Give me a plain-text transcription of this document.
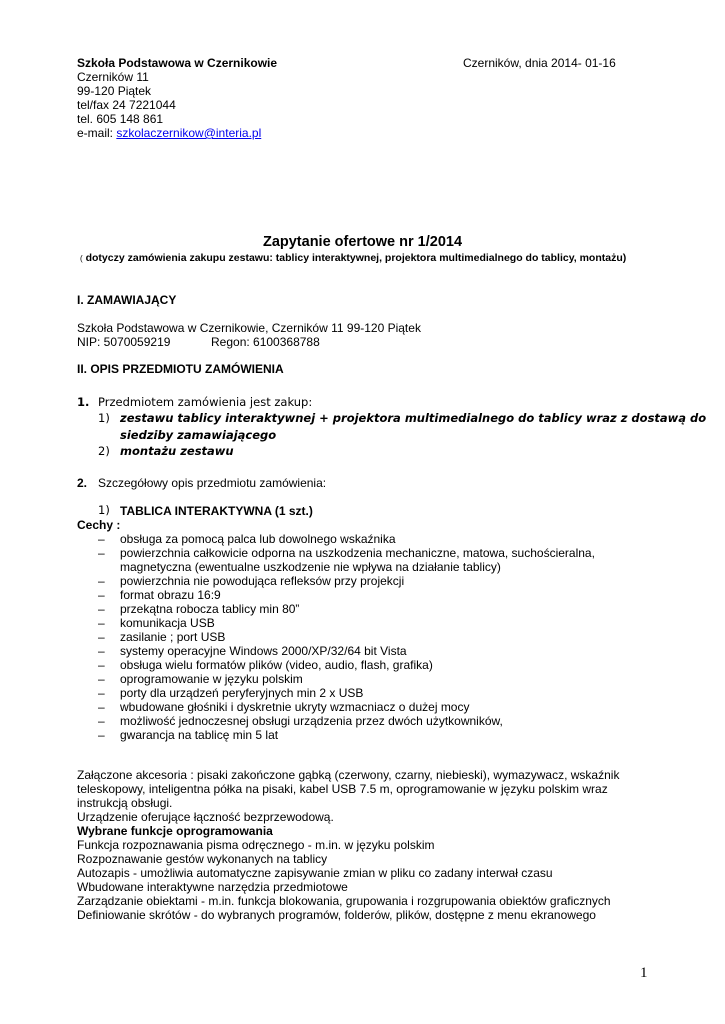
Szkoła Podstawowa w Czernikowie	Czerników, dnia 2014- 01-16
Czerników 11
99-120 Piątek
tel/fax 24 7221044
tel. 605 148 861
e-mail: szkolaczernikow@interia.pl
Zapytanie ofertowe nr 1/2014
( dotyczy zamówienia zakupu zestawu: tablicy interaktywnej, projektora multimedialnego do tablicy, montażu)
I. ZAMAWIAJĄCY
Szkoła Podstawowa w Czernikowie, Czerników 11 99-120 Piątek
NIP: 5070059219	Regon: 6100368788
II. OPIS PRZEDMIOTU ZAMÓWIENIA
1. Przedmiotem zamówienia jest zakup:
1) zestawu tablicy interaktywnej + projektora multimedialnego do tablicy wraz z dostawą do
siedziby zamawiającego
2) montażu zestawu
2. Szczegółowy opis przedmiotu zamówienia:
1) TABLICA INTERAKTYWNA (1 szt.)
Cechy :
– obsługa za pomocą palca lub dowolnego wskaźnika
– powierzchnia całkowicie odporna na uszkodzenia mechaniczne, matowa, suchościeralna,
magnetyczna (ewentualne uszkodzenie nie wpływa na działanie tablicy)
– powierzchnia nie powodująca refleksów przy projekcji
– format obrazu 16:9
– przekątna robocza tablicy min 80”
– komunikacja USB
– zasilanie ; port USB
– systemy operacyjne Windows 2000/XP/32/64 bit Vista
– obsługa wielu formatów plików (video, audio, flash, grafika)
– oprogramowanie w języku polskim
– porty dla urządzeń peryferyjnych min 2 x USB
– wbudowane głośniki i dyskretnie ukryty wzmacniacz o dużej mocy
– możliwość jednoczesnej obsługi urządzenia przez dwóch użytkowników,
– gwarancja na tablicę min 5 lat
Załączone akcesoria : pisaki zakończone gąbką (czerwony, czarny, niebieski), wymazywacz, wskaźnik
teleskopowy, inteligentna półka na pisaki, kabel USB 7.5 m, oprogramowanie w języku polskim wraz
instrukcją obsługi.
Urządzenie oferujące łączność bezprzewodową.
Wybrane funkcje oprogramowania
Funkcja rozpoznawania pisma odręcznego - m.in. w języku polskim
Rozpoznawanie gestów wykonanych na tablicy
Autozapis - umożliwia automatyczne zapisywanie zmian w pliku co zadany interwał czasu
Wbudowane interaktywne narzędzia przedmiotowe
Zarządzanie obiektami - m.in. funkcja blokowania, grupowania i rozgrupowania obiektów graficznych
Definiowanie skrótów - do wybranych programów, folderów, plików, dostępne z menu ekranowego
1
